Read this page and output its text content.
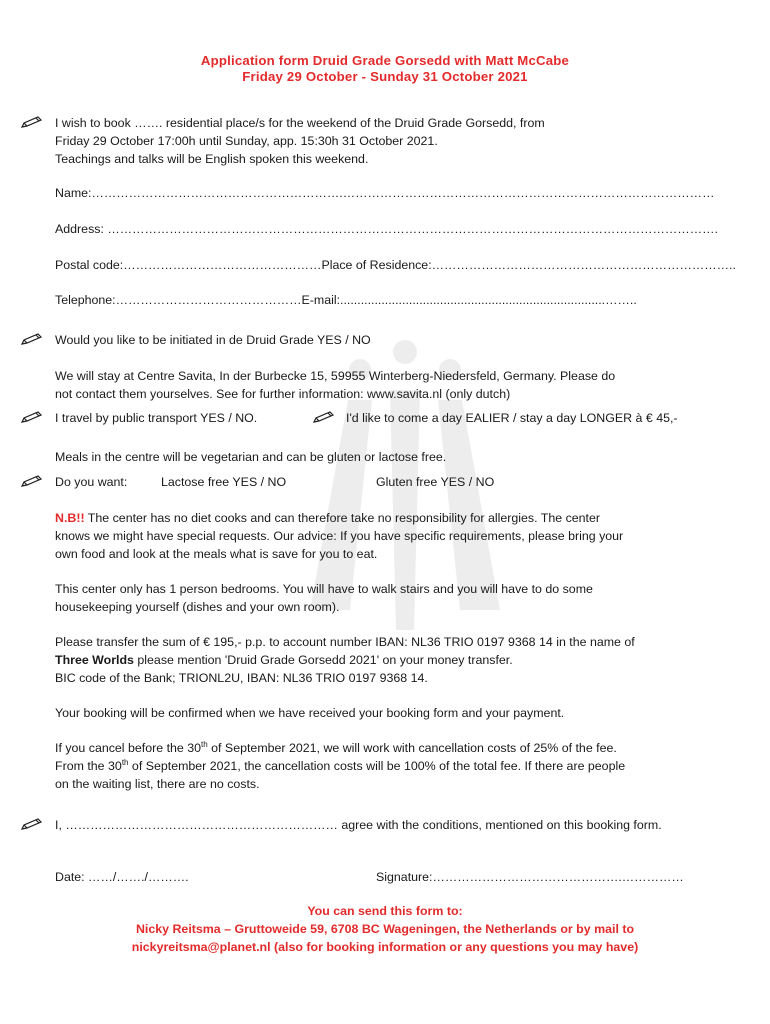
Application form Druid Grade Gorsedd with Matt McCabe
Friday 29 October - Sunday 31 October 2021
I wish to book ……. residential place/s for the weekend of the Druid Grade Gorsedd, from
Friday 29 October 17:00h until Sunday, app. 15:30h 31 October 2021.
Teachings and talks will be English spoken this weekend.
Name:…………………………………………………….………………………………………………………………………………
Address: ………………………………………………………………………………………………………………………………….
Postal code:…………………………………………Place of Residence:………………………………………………………………..
Telephone:………………………………………E-mail:.............................................................................……..
Would you like to be initiated in de Druid Grade YES / NO
We will stay at Centre Savita, In der Burbecke 15, 59955 Winterberg-Niedersfeld, Germany. Please do
not contact them yourselves. See for further information: www.savita.nl (only dutch)
I travel by public transport YES / NO.	I'd like to come a day EALIER / stay a day LONGER à € 45,-
Meals in the centre will be vegetarian and can be gluten or lactose free.
Do you want:	Lactose free YES / NO	Gluten free YES / NO
N.B!! The center has no diet cooks and can therefore take no responsibility for allergies. The center
knows we might have special requests. Our advice: If you have specific requirements, please bring your
own food and look at the meals what is save for you to eat.
This center only has 1 person bedrooms. You will have to walk stairs and you will have to do some
housekeeping yourself (dishes and your own room).
Please transfer the sum of € 195,- p.p. to account number IBAN: NL36 TRIO 0197 9368 14 in the name of
Three Worlds please mention 'Druid Grade Gorsedd 2021' on your money transfer.
BIC code of the Bank; TRIONL2U, IBAN: NL36 TRIO 0197 9368 14.
Your booking will be confirmed when we have received your booking form and your payment.
If you cancel before the 30th of September 2021, we will work with cancellation costs of 25% of the fee.
From the 30th of September 2021, the cancellation costs will be 100% of the total fee. If there are people
on the waiting list, there are no costs.
I, ………………………………………………………… agree with the conditions, mentioned on this booking form.
Date: ……/……./……….	Signature:……………………………………….……………
You can send this form to:
Nicky Reitsma – Gruttoweide 59, 6708 BC Wageningen, the Netherlands or by mail to
nickyreitsma@planet.nl (also for booking information or any questions you may have)
